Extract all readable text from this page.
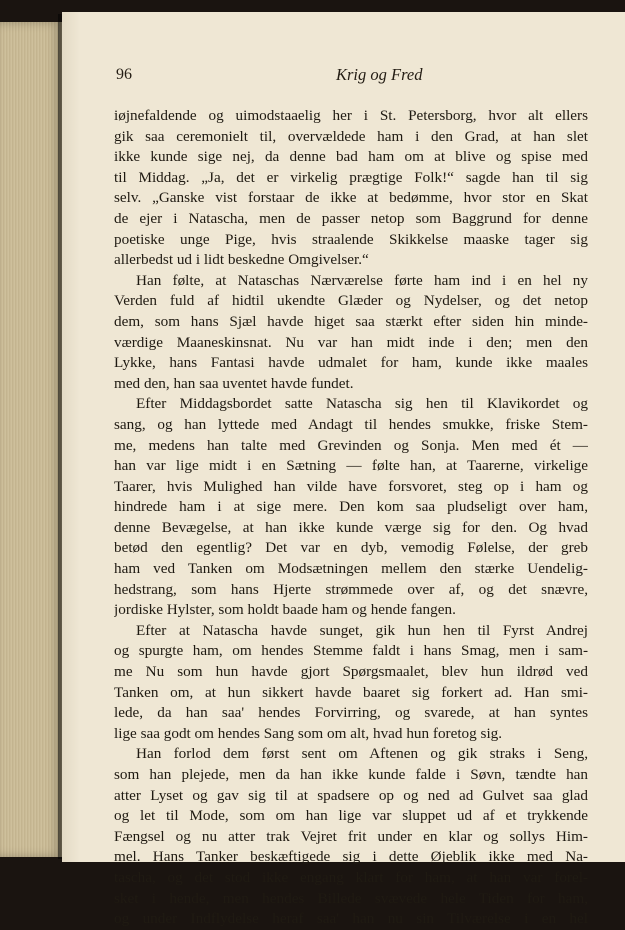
96	Krig og Fred
iøjnefaldende og uimodstaaelig her i St. Petersborg, hvor alt ellers
gik saa ceremonielt til, overvældede ham i den Grad, at han slet
ikke kunde sige nej, da denne bad ham om at blive og spise med
til Middag. „Ja, det er virkelig prægtige Folk!“ sagde han til sig
selv. „Ganske vist forstaar de ikke at bedømme, hvor stor en Skat
de ejer i Natascha, men de passer netop som Baggrund for denne
poetiske unge Pige, hvis straalende Skikkelse maaske tager sig
allerbedst ud i lidt beskedne Omgivelser.“
Han følte, at Nataschas Nærværelse førte ham ind i en hel ny
Verden fuld af hidtil ukendte Glæder og Nydelser, og det netop
dem, som hans Sjæl havde higet saa stærkt efter siden hin minde-
værdige Maaneskinsnat. Nu var han midt inde i den; men den
Lykke, hans Fantasi havde udmalet for ham, kunde ikke maales
med den, han saa uventet havde fundet.
Efter Middagsbordet satte Natascha sig hen til Klavikordet og
sang, og han lyttede med Andagt til hendes smukke, friske Stem-
me, medens han talte med Grevinden og Sonja. Men med ét —
han var lige midt i en Sætning — følte han, at Taarerne, virkelige
Taarer, hvis Mulighed han vilde have forsvoret, steg op i ham og
hindrede ham i at sige mere. Den kom saa pludseligt over ham,
denne Bevægelse, at han ikke kunde værge sig for den. Og hvad
betød den egentlig? Det var en dyb, vemodig Følelse, der greb
ham ved Tanken om Modsætningen mellem den stærke Uendelig-
hedstrang, som hans Hjerte strømmede over af, og det snævre,
jordiske Hylster, som holdt baade ham og hende fangen.
Efter at Natascha havde sunget, gik hun hen til Fyrst Andrej
og spurgte ham, om hendes Stemme faldt i hans Smag, men i sam-
me Nu som hun havde gjort Spørgsmaalet, blev hun ildrød ved
Tanken om, at hun sikkert havde baaret sig forkert ad. Han smi-
lede, da han saa' hendes Forvirring, og svarede, at han syntes
lige saa godt om hendes Sang som om alt, hvad hun foretog sig.
Han forlod dem først sent om Aftenen og gik straks i Seng,
som han plejede, men da han ikke kunde falde i Søvn, tændte han
atter Lyset og gav sig til at spadsere op og ned ad Gulvet saa glad
og let til Mode, som om han lige var sluppet ud af et trykkende
Fængsel og nu atter trak Vejret frit under en klar og sollys Him-
mel. Hans Tanker beskæftigede sig i dette Øjeblik ikke med Na-
tascha, og det stod ikke engang klart for ham, at han var forel-
sket i hende, men hendes Billede svævede hele Tiden for ham,
og under Indflydelse heraf saa' han nu sin Tilværelse i en hel
